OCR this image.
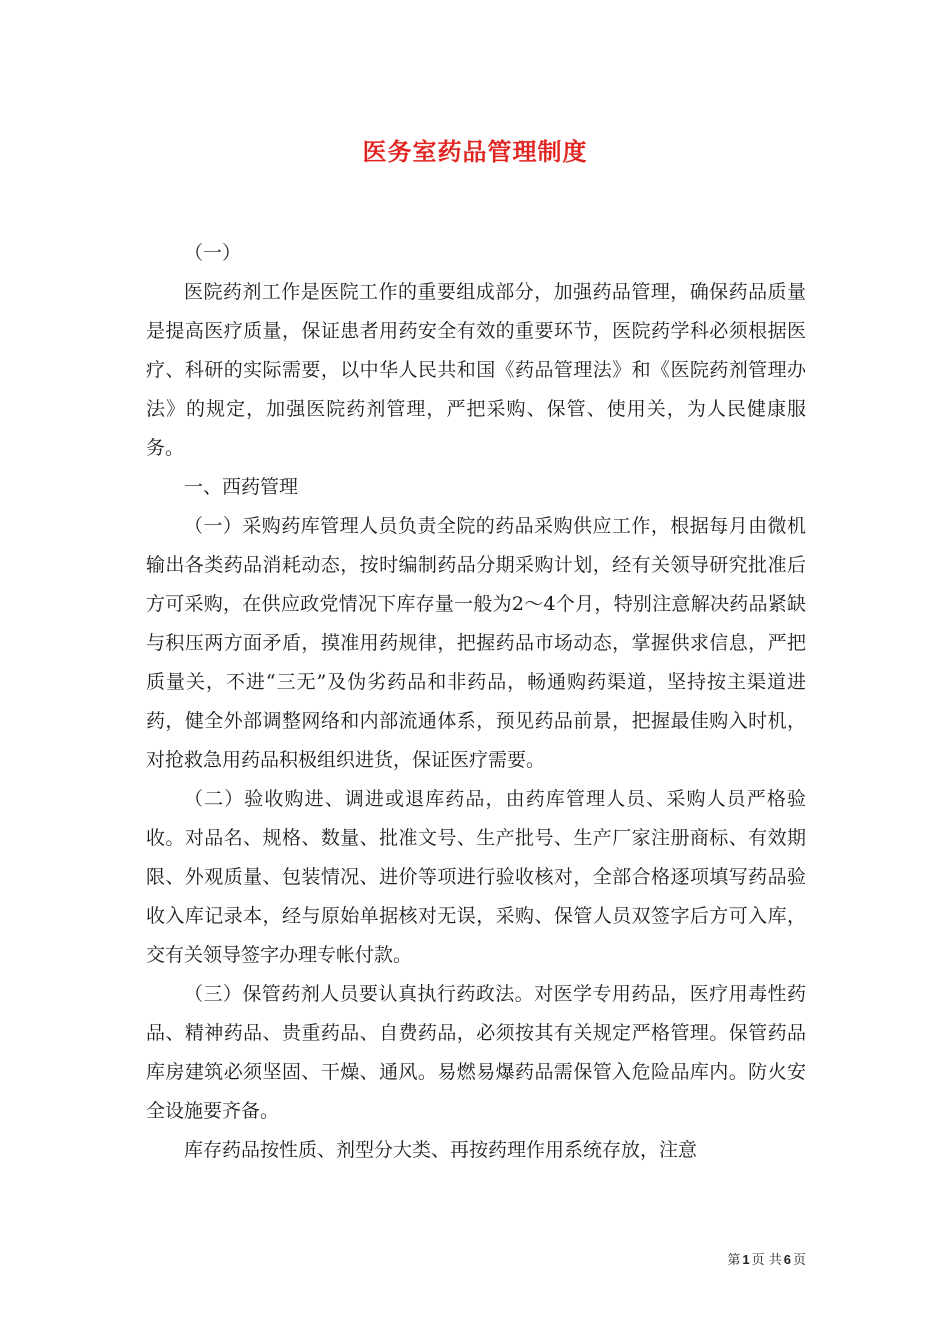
医务室药品管理制度

（一）

医院药剂工作是医院工作的重要组成部分，加强药品管理，确保药品质量是提高医疗质量，保证患者用药安全有效的重要环节，医院药学科必须根据医疗、科研的实际需要，以中华人民共和国《药品管理法》和《医院药剂管理办法》的规定，加强医院药剂管理，严把采购、保管、使用关，为人民健康服务。

一、西药管理

（一）采购药库管理人员负责全院的药品采购供应工作，根据每月由微机输出各类药品消耗动态，按时编制药品分期采购计划，经有关领导研究批准后方可采购，在供应政党情况下库存量一般为2～4个月，特别注意解决药品紧缺与积压两方面矛盾，摸准用药规律，把握药品市场动态，掌握供求信息，严把质量关，不进“三无”及伪劣药品和非药品，畅通购药渠道，坚持按主渠道进药，健全外部调整网络和内部流通体系，预见药品前景，把握最佳购入时机，对抢救急用药品积极组织进货，保证医疗需要。

（二）验收购进、调进或退库药品，由药库管理人员、采购人员严格验收。对品名、规格、数量、批准文号、生产批号、生产厂家注册商标、有效期限、外观质量、包装情况、进价等项进行验收核对，全部合格逐项填写药品验收入库记录本，经与原始单据核对无误，采购、保管人员双签字后方可入库，交有关领导签字办理专帐付款。

（三）保管药剂人员要认真执行药政法。对医学专用药品，医疗用毒性药品、精神药品、贵重药品、自费药品，必须按其有关规定严格管理。保管药品库房建筑必须坚固、干燥、通风。易燃易爆药品需保管入危险品库内。防火安全设施要齐备。

库存药品按性质、剂型分大类、再按药理作用系统存放，注意

第 1 页 共 6 页
